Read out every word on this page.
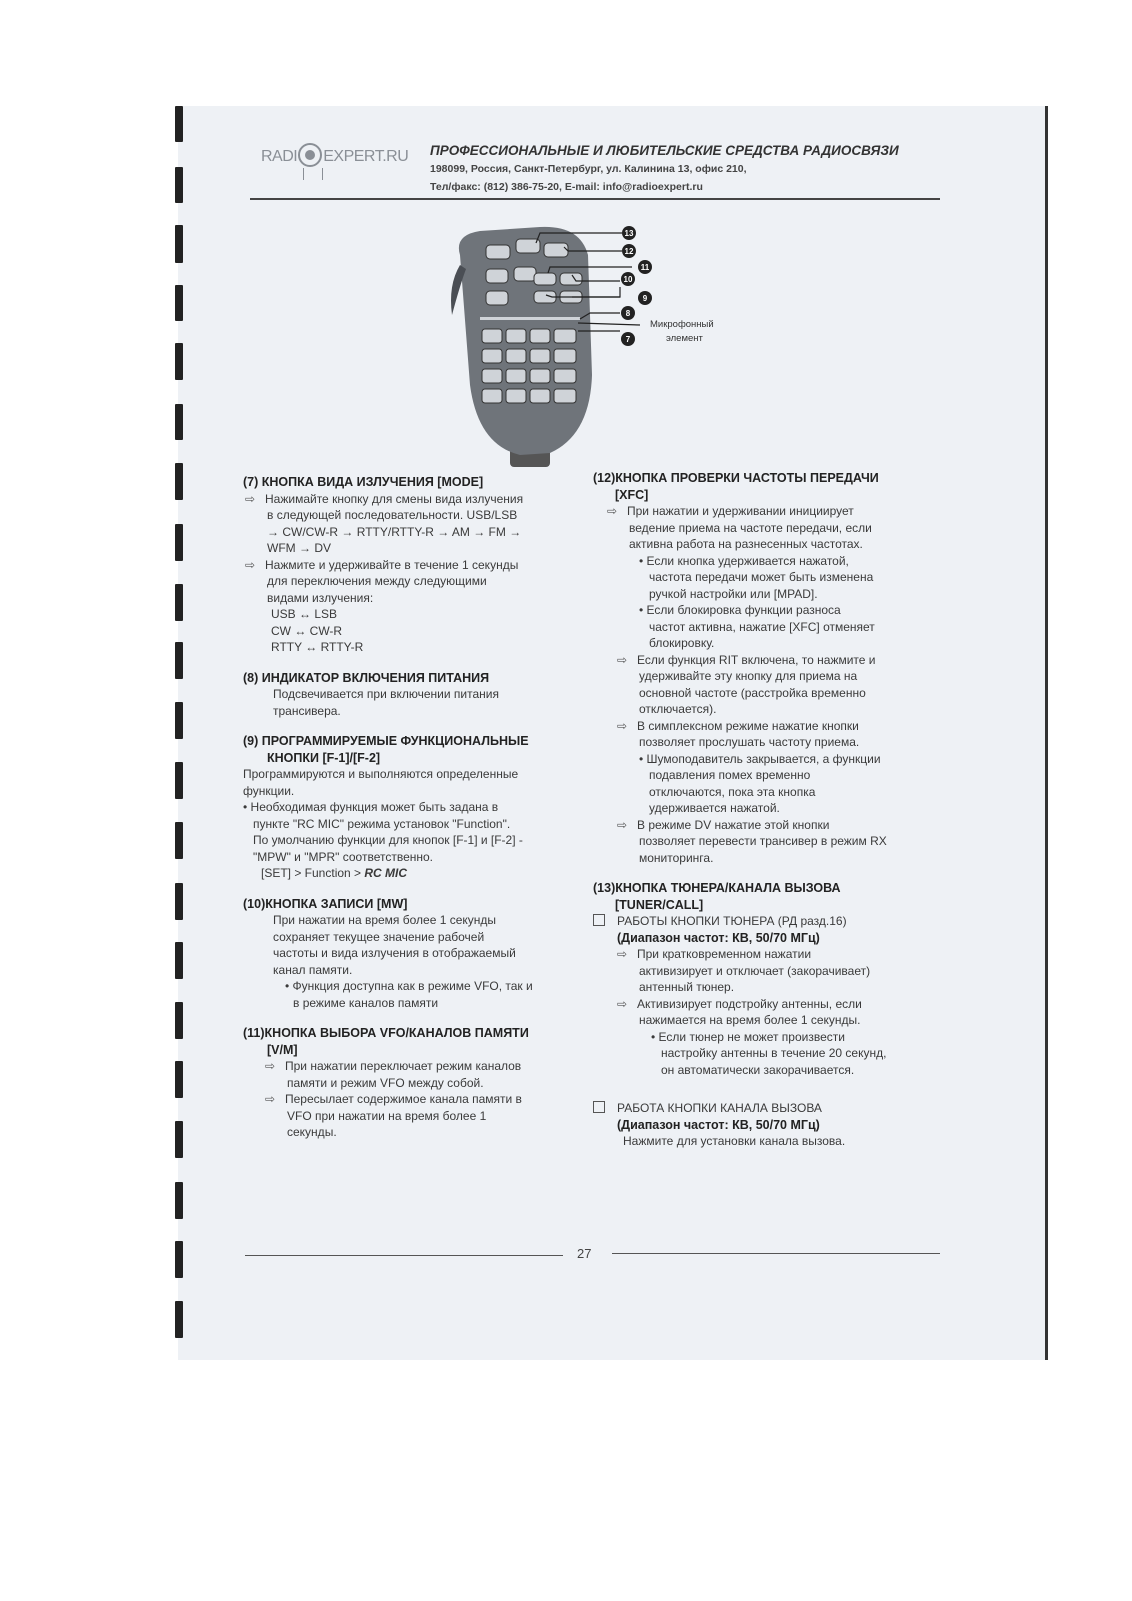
RADI EXPERT.RU ПРОФЕССИОНАЛЬНЫЕ И ЛЮБИТЕЛЬСКИЕ СРЕДСТВА РАДИОСВЯЗИ
198099, Россия, Санкт-Петербург, ул. Калинина 13, офис 210,
Тел/факс: (812) 386-75-20, E-mail: info@radioexpert.ru
13
12
11
10
9
8
7
Микрофонный
элемент

(7) КНОПКА ВИДА ИЗЛУЧЕНИЯ [MODE]

⇨ Нажимайте кнопку для смены вида излучения

в следующей последовательности. USB/LSB

→ CW/CW-R → RTTY/RTTY-R → AM → FM →

WFM → DV

⇨ Нажмите и удерживайте в течение 1 секунды

для переключения между следующими

видами излучения:

USB ↔ LSB

CW ↔ CW-R

RTTY ↔ RTTY-R

(8) ИНДИКАТОР ВКЛЮЧЕНИЯ ПИТАНИЯ

Подсвечивается при включении питания

трансивера.

(9) ПРОГРАММИРУЕМЫЕ ФУНКЦИОНАЛЬНЫЕ

КНОПКИ [F-1]/[F-2]

Программируются и выполняются определенные

функции.

• Необходимая функция может быть задана в

пункте "RC MIC" режима установок "Function".

По умолчанию функции для кнопок [F-1] и [F-2] -

"MPW" и "MPR" соответственно.

[SET] > Function > RC MIC

(10)КНОПКА ЗАПИСИ [MW]

При нажатии на время более 1 секунды

сохраняет текущее значение рабочей

частоты и вида излучения в отображаемый

канал памяти.

• Функция доступна как в режиме VFO, так и

в режиме каналов памяти

(11)КНОПКА ВЫБОРА VFO/КАНАЛОВ ПАМЯТИ

[V/M]

⇨ При нажатии переключает режим каналов

памяти и режим VFO между собой.

⇨ Пересылает содержимое канала памяти в

VFO при нажатии на время более 1

секунды.

(12)КНОПКА ПРОВЕРКИ ЧАСТОТЫ ПЕРЕДАЧИ

[XFC]

⇨ При нажатии и удерживании инициирует

ведение приема на частоте передачи, если

активна работа на разнесенных частотах.

• Если кнопка удерживается нажатой,

частота передачи может быть изменена

ручкой настройки или [MPAD].

• Если блокировка функции разноса

частот активна, нажатие [XFC] отменяет

блокировку.

⇨ Если функция RIT включена, то нажмите и

удерживайте эту кнопку для приема на

основной частоте (расстройка временно

отключается).

⇨ В симплексном режиме нажатие кнопки

позволяет прослушать частоту приема.

• Шумоподавитель закрывается, а функции

подавления помех временно

отключаются, пока эта кнопка

удерживается нажатой.

⇨ В режиме DV нажатие этой кнопки

позволяет перевести трансивер в режим RX

мониторинга.

(13)КНОПКА ТЮНЕРА/КАНАЛА ВЫЗОВА

[TUNER/CALL]

РАБОТЫ КНОПКИ ТЮНЕРА (РД разд.16)

(Диапазон частот: КВ, 50/70 МГц)

⇨ При кратковременном нажатии

активизирует и отключает (закорачивает)

антенный тюнер.

⇨ Активизирует подстройку антенны, если

нажимается на время более 1 секунды.

• Если тюнер не может произвести

настройку антенны в течение 20 секунд,

он автоматически закорачивается.

РАБОТА КНОПКИ КАНАЛА ВЫЗОВА

(Диапазон частот: КВ, 50/70 МГц)

Нажмите для установки канала вызова.

27
